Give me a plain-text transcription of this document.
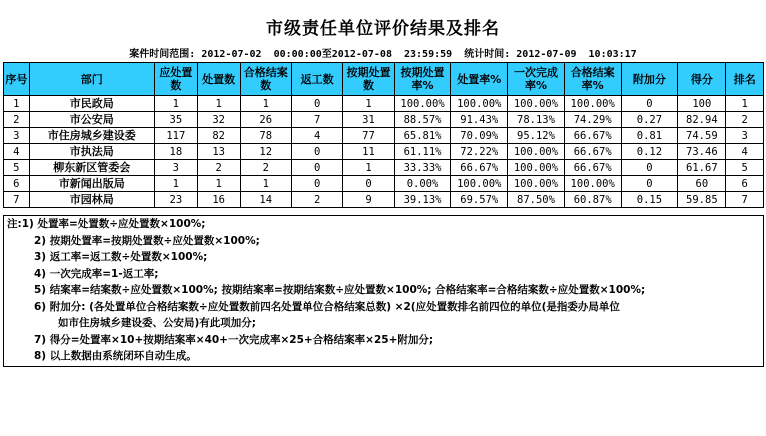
市级责任单位评价结果及排名
案件时间范围: 2012-07-02  00:00:00至2012-07-08  23:59:59 统计时间: 2012-07-09  10:03:17
序号	部门	应处置数	处置数	合格结案数	返工数	按期处置数	按期处置率%	处置率%	一次完成率%	合格结案率%	附加分	得分	排名
1	市民政局	1	1	1	0	1	100.00%	100.00%	100.00%	100.00%	0	100	1
2	市公安局	35	32	26	7	31	88.57%	91.43%	78.13%	74.29%	0.27	82.94	2
3	市住房城乡建设委	117	82	78	4	77	65.81%	70.09%	95.12%	66.67%	0.81	74.59	3
4	市执法局	18	13	12	0	11	61.11%	72.22%	100.00%	66.67%	0.12	73.46	4
5	柳东新区管委会	3	2	2	0	1	33.33%	66.67%	100.00%	66.67%	0	61.67	5
6	市新闻出版局	1	1	1	0	0	0.00%	100.00%	100.00%	100.00%	0	60	6
7	市园林局	23	16	14	2	9	39.13%	69.57%	87.50%	60.87%	0.15	59.85	7
注:1) 处置率=处置数÷应处置数×100%;
2) 按期处置率=按期处置数÷应处置数×100%;
3) 返工率=返工数÷处置数×100%;
4) 一次完成率=1-返工率;
5) 结案率=结案数÷应处置数×100%; 按期结案率=按期结案数÷应处置数×100%; 合格结案率=合格结案数÷应处置数×100%;
6) 附加分: (各处置单位合格结案数÷应处置数前四名处置单位合格结案总数) ×2(应处置数排名前四位的单位(是指委办局单位
如市住房城乡建设委、公安局)有此项加分;
7) 得分=处置率×10+按期结案率×40+一次完成率×25+合格结案率×25+附加分;
8) 以上数据由系统闭环自动生成。
